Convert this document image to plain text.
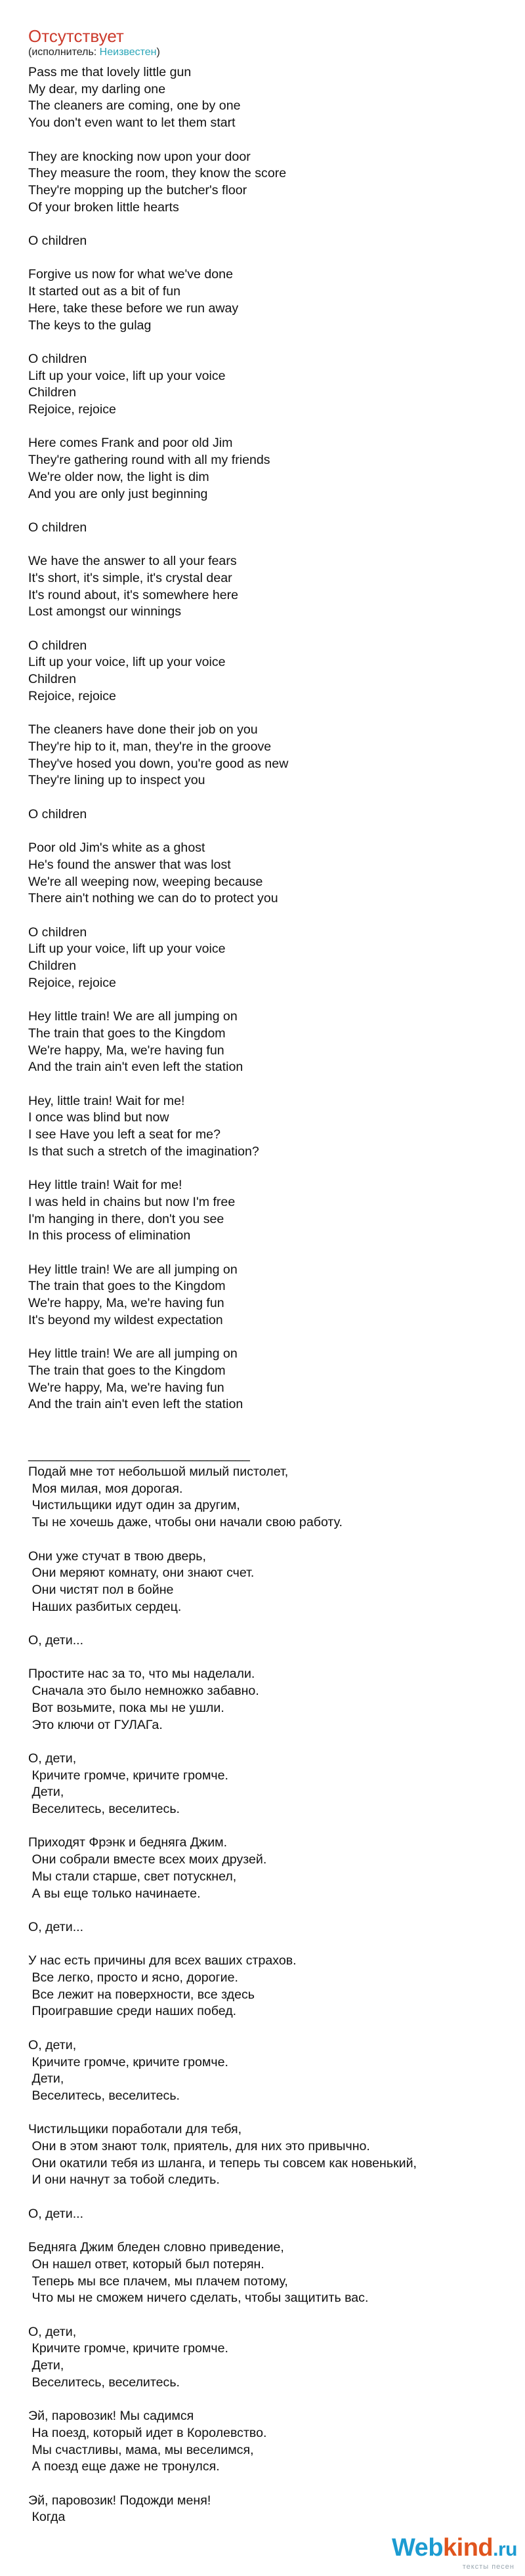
Отсутствует
(исполнитель: Неизвестен)
Pass me that lovely little gun
My dear, my darling one
The cleaners are coming, one by one
You don't even want to let them start
They are knocking now upon your door
They measure the room, they know the score
They're mopping up the butcher's floor
Of your broken little hearts
O children
Forgive us now for what we've done
It started out as a bit of fun
Here, take these before we run away
The keys to the gulag
O children
Lift up your voice, lift up your voice
Children
Rejoice, rejoice
Here comes Frank and poor old Jim
They're gathering round with all my friends
We're older now, the light is dim
And you are only just beginning
O children
We have the answer to all your fears
It's short, it's simple, it's crystal dear
It's round about, it's somewhere here
Lost amongst our winnings
O children
Lift up your voice, lift up your voice
Children
Rejoice, rejoice
The cleaners have done their job on you
They're hip to it, man, they're in the groove
They've hosed you down, you're good as new
They're lining up to inspect you
O children
Poor old Jim's white as a ghost
He's found the answer that was lost
We're all weeping now, weeping because
There ain't nothing we can do to protect you
O children
Lift up your voice, lift up your voice
Children
Rejoice, rejoice
Hey little train! We are all jumping on
The train that goes to the Kingdom
We're happy, Ma, we're having fun
And the train ain't even left the station
Hey, little train! Wait for me!
I once was blind but now
I see Have you left a seat for me?
Is that such a stretch of the imagination?
Hey little train! Wait for me!
I was held in chains but now I'm free
I'm hanging in there, don't you see
In this process of elimination
Hey little train! We are all jumping on
The train that goes to the Kingdom
We're happy, Ma, we're having fun
It's beyond my wildest expectation
Hey little train! We are all jumping on
The train that goes to the Kingdom
We're happy, Ma, we're having fun
And the train ain't even left the station
_______________________________
Подай мне тот небольшой милый пистолет,
Моя милая, моя дорогая.
Чистильщики идут один за другим,
Ты не хочешь даже, чтобы они начали свою работу.
Они уже стучат в твою дверь,
Они меряют комнату, они знают счет.
Они чистят пол в бойне
Наших разбитых сердец.
О, дети...
Простите нас за то, что мы наделали.
Сначала это было немножко забавно.
Вот возьмите, пока мы не ушли.
Это ключи от ГУЛАГа.
О, дети,
Кричите громче, кричите громче.
Дети,
Веселитесь, веселитесь.
Приходят Фрэнк и бедняга Джим.
Они собрали вместе всех моих друзей.
Мы стали старше, свет потускнел,
А вы еще только начинаете.
О, дети...
У нас есть причины для всех ваших страхов.
Все легко, просто и ясно, дорогие.
Все лежит на поверхности, все здесь
Проигравшие среди наших побед.
О, дети,
Кричите громче, кричите громче.
Дети,
Веселитесь, веселитесь.
Чистильщики поработали для тебя,
Они в этом знают толк, приятель, для них это привычно.
Они окатили тебя из шланга, и теперь ты совсем как новенький,
И они начнут за тобой следить.
О, дети...
Бедняга Джим бледен словно приведение,
Он нашел ответ, который был потерян.
Теперь мы все плачем, мы плачем потому,
Что мы не сможем ничего сделать, чтобы защитить вас.
О, дети,
Кричите громче, кричите громче.
Дети,
Веселитесь, веселитесь.
Эй, паровозик! Мы садимся
На поезд, который идет в Королевство.
Мы счастливы, мама, мы веселимся,
А поезд еще даже не тронулся.
Эй, паровозик! Подожди меня!
Когда
Webkind.ru
тексты песен
